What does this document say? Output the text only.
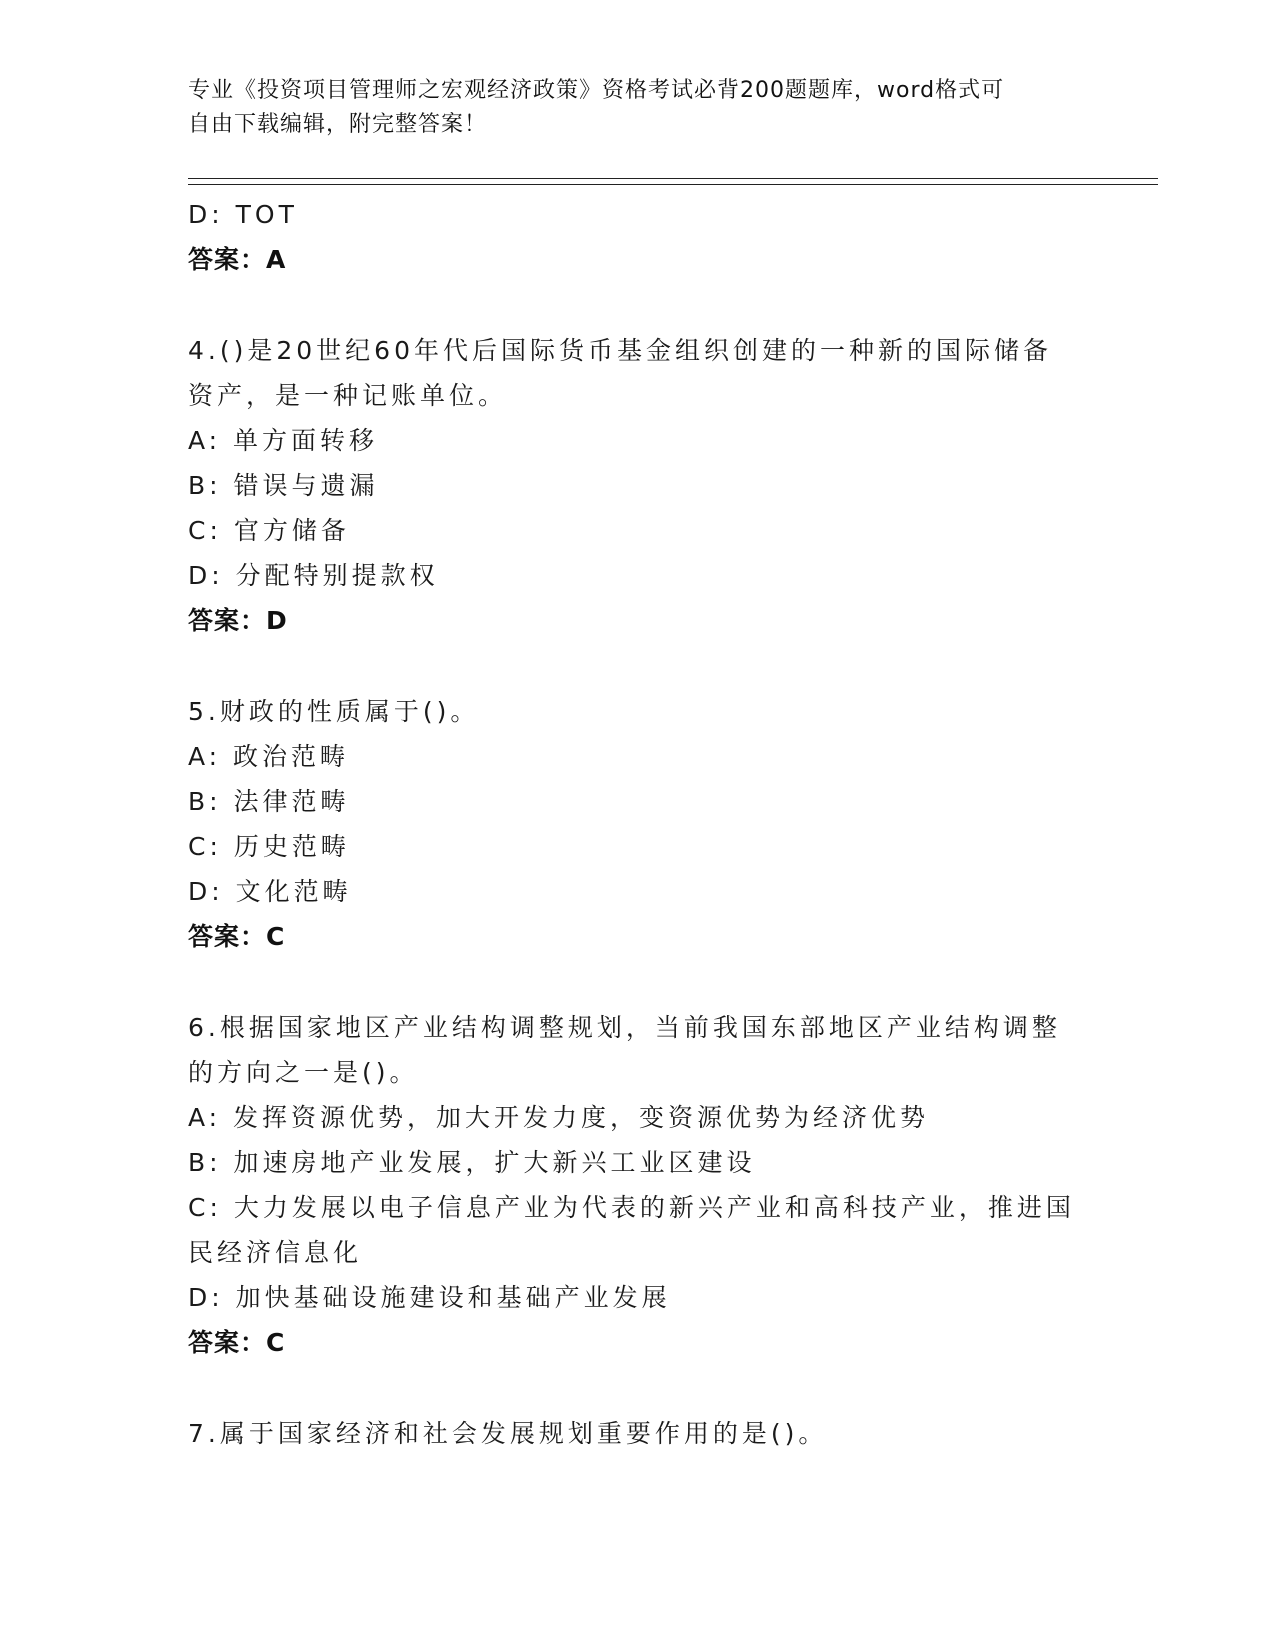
专业《投资项目管理师之宏观经济政策》资格考试必背200题题库，word格式可
自由下载编辑，附完整答案！
D: TOT
答案：A
4.()是20世纪60年代后国际货币基金组织创建的一种新的国际储备
资产，是一种记账单位。
A: 单方面转移
B: 错误与遗漏
C: 官方储备
D: 分配特别提款权
答案：D
5.财政的性质属于()。
A: 政治范畴
B: 法律范畴
C: 历史范畴
D: 文化范畴
答案：C
6.根据国家地区产业结构调整规划，当前我国东部地区产业结构调整
的方向之一是()。
A: 发挥资源优势，加大开发力度，变资源优势为经济优势
B: 加速房地产业发展，扩大新兴工业区建设
C: 大力发展以电子信息产业为代表的新兴产业和高科技产业，推进国
民经济信息化
D: 加快基础设施建设和基础产业发展
答案：C
7.属于国家经济和社会发展规划重要作用的是()。
